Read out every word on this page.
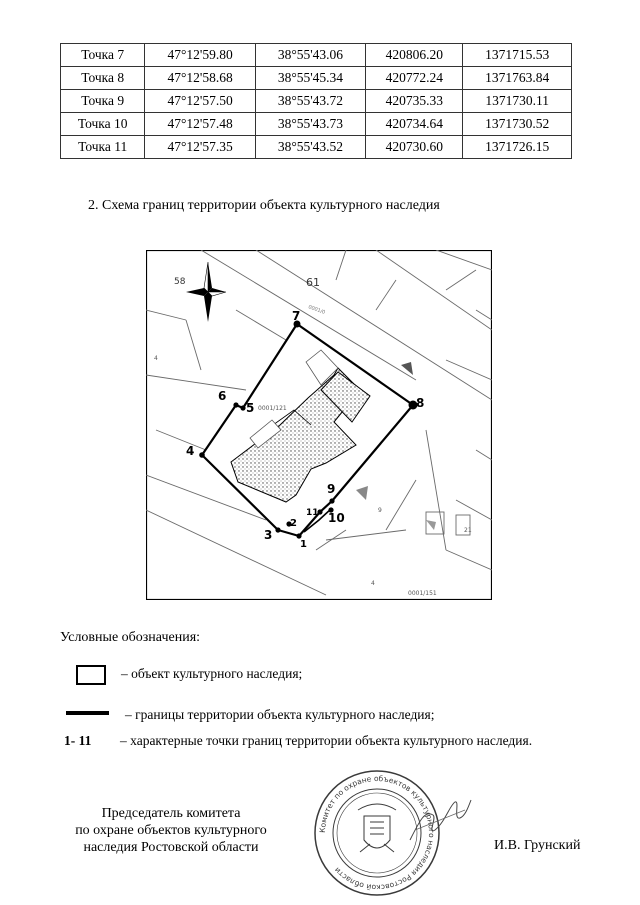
Точка 7	47°12'59.80	38°55'43.06	420806.20	1371715.53
Точка 8	47°12'58.68	38°55'45.34	420772.24	1371763.84
Точка 9	47°12'57.50	38°55'43.72	420735.33	1371730.11
Точка 10	47°12'57.48	38°55'43.73	420734.64	1371730.52
Точка 11	47°12'57.35	38°55'43.52	420730.60	1371726.15
2. Схема границ территории объекта культурного наследия
58	61
4
9
21
4
0001/121
0001/151
0001/0
7
8
9
10
11
1
2
3
4
5
6
Условные обозначения:
– объект культурного наследия;
– границы территории объекта культурного наследия;
1- 11 – характерные точки границ территории объекта культурного наследия.
Председатель комитета
по охране объектов культурного
наследия Ростовской области
Комитет по охране объектов культурного наследия Ростовской области
И.В. Грунский
